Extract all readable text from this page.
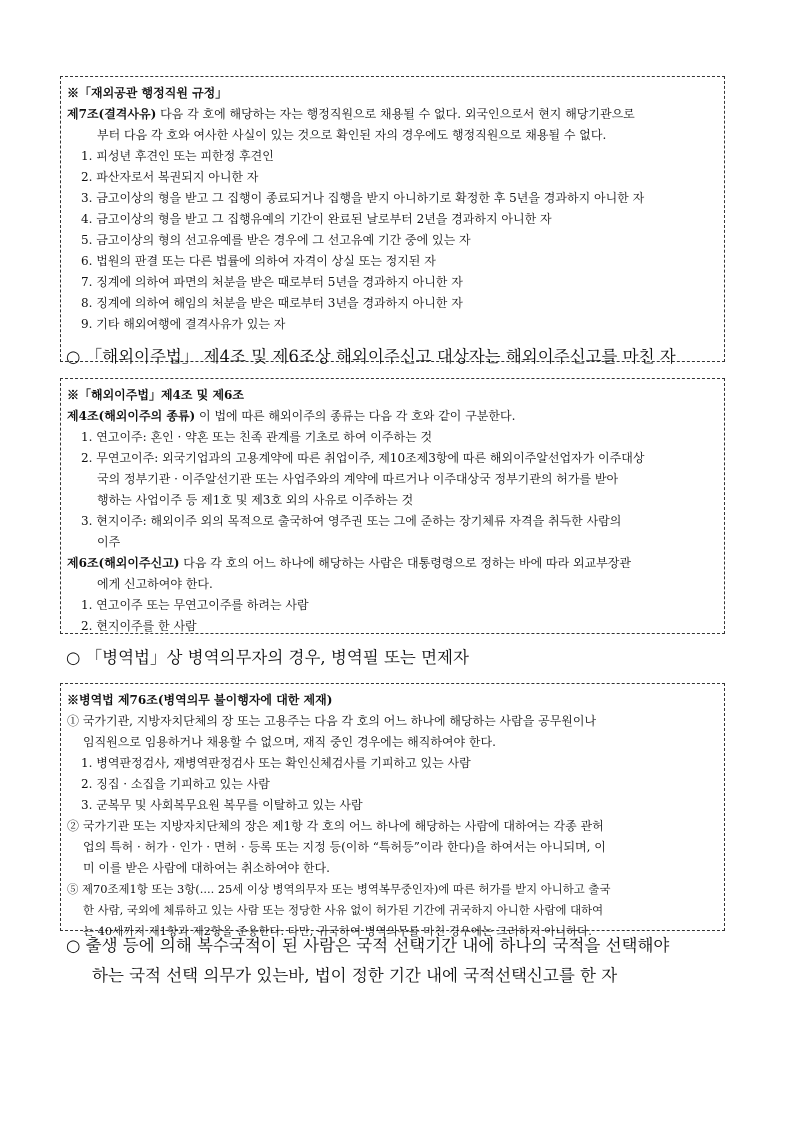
※「재외공관 행정직원 규정」

제7조(결격사유) 다음 각 호에 해당하는 자는 행정직원으로 채용될 수 없다. 외국인으로서 현지 해당기관으로

부터 다음 각 호와 여사한 사실이 있는 것으로 확인된 자의 경우에도 행정직원으로 채용될 수 없다.

1. 피성년 후견인 또는 피한정 후견인

2. 파산자로서 복권되지 아니한 자

3. 금고이상의 형을 받고 그 집행이 종료되거나 집행을 받지 아니하기로 확정한 후 5년을 경과하지 아니한 자

4. 금고이상의 형을 받고 그 집행유예의 기간이 완료된 날로부터 2년을 경과하지 아니한 자

5. 금고이상의 형의 선고유예를 받은 경우에 그 선고유예 기간 중에 있는 자

6. 법원의 판결 또는 다른 법률에 의하여 자격이 상실 또는 정지된 자

7. 징계에 의하여 파면의 처분을 받은 때로부터 5년을 경과하지 아니한 자

8. 징계에 의하여 해임의 처분을 받은 때로부터 3년을 경과하지 아니한 자

9. 기타 해외여행에 결격사유가 있는 자

○ 「해외이주법」 제4조 및 제6조상 해외이주신고 대상자는 해외이주신고를 마친 자

※「해외이주법」제4조 및 제6조

제4조(해외이주의 종류) 이 법에 따른 해외이주의 종류는 다음 각 호와 같이 구분한다.

1. 연고이주: 혼인 · 약혼 또는 친족 관계를 기초로 하여 이주하는 것

2. 무연고이주: 외국기업과의 고용계약에 따른 취업이주, 제10조제3항에 따른 해외이주알선업자가 이주대상

국의 정부기관 · 이주알선기관 또는 사업주와의 계약에 따르거나 이주대상국 정부기관의 허가를 받아

행하는 사업이주 등 제1호 및 제3호 외의 사유로 이주하는 것

3. 현지이주: 해외이주 외의 목적으로 출국하여 영주권 또는 그에 준하는 장기체류 자격을 취득한 사람의

이주

제6조(해외이주신고) 다음 각 호의 어느 하나에 해당하는 사람은 대통령령으로 정하는 바에 따라 외교부장관

에게 신고하여야 한다.

1. 연고이주 또는 무연고이주를 하려는 사람

2. 현지이주를 한 사람

○ 「병역법」상 병역의무자의 경우, 병역필 또는 면제자

※병역법 제76조(병역의무 불이행자에 대한 제재)

① 국가기관, 지방자치단체의 장 또는 고용주는 다음 각 호의 어느 하나에 해당하는 사람을 공무원이나

임직원으로 임용하거나 채용할 수 없으며, 재직 중인 경우에는 해직하여야 한다.

1. 병역판정검사, 재병역판정검사 또는 확인신체검사를 기피하고 있는 사람

2. 징집 · 소집을 기피하고 있는 사람

3. 군복무 및 사회복무요원 복무를 이탈하고 있는 사람

② 국가기관 또는 지방자치단체의 장은 제1항 각 호의 어느 하나에 해당하는 사람에 대하여는 각종 관허

업의 특허 · 허가 · 인가 · 면허 · 등록 또는 지정 등(이하 “특허등”이라 한다)을 하여서는 아니되며, 이

미 이를 받은 사람에 대하여는 취소하여야 한다.

⑤ 제70조제1항 또는 3항(.... 25세 이상 병역의무자 또는 병역복무중인자)에 따른 허가를 받지 아니하고 출국

한 사람, 국외에 체류하고 있는 사람 또는 정당한 사유 없이 허가된 기간에 귀국하지 아니한 사람에 대하여

는 40세까지 제1항과 제2항을 준용한다. 다만, 귀국하여 병역의무를 마친 경우에는 그러하지 아니하다.

○ 출생 등에 의해 복수국적이 된 사람은 국적 선택기간 내에 하나의 국적을 선택해야
하는 국적 선택 의무가 있는바, 법이 정한 기간 내에 국적선택신고를 한 자
